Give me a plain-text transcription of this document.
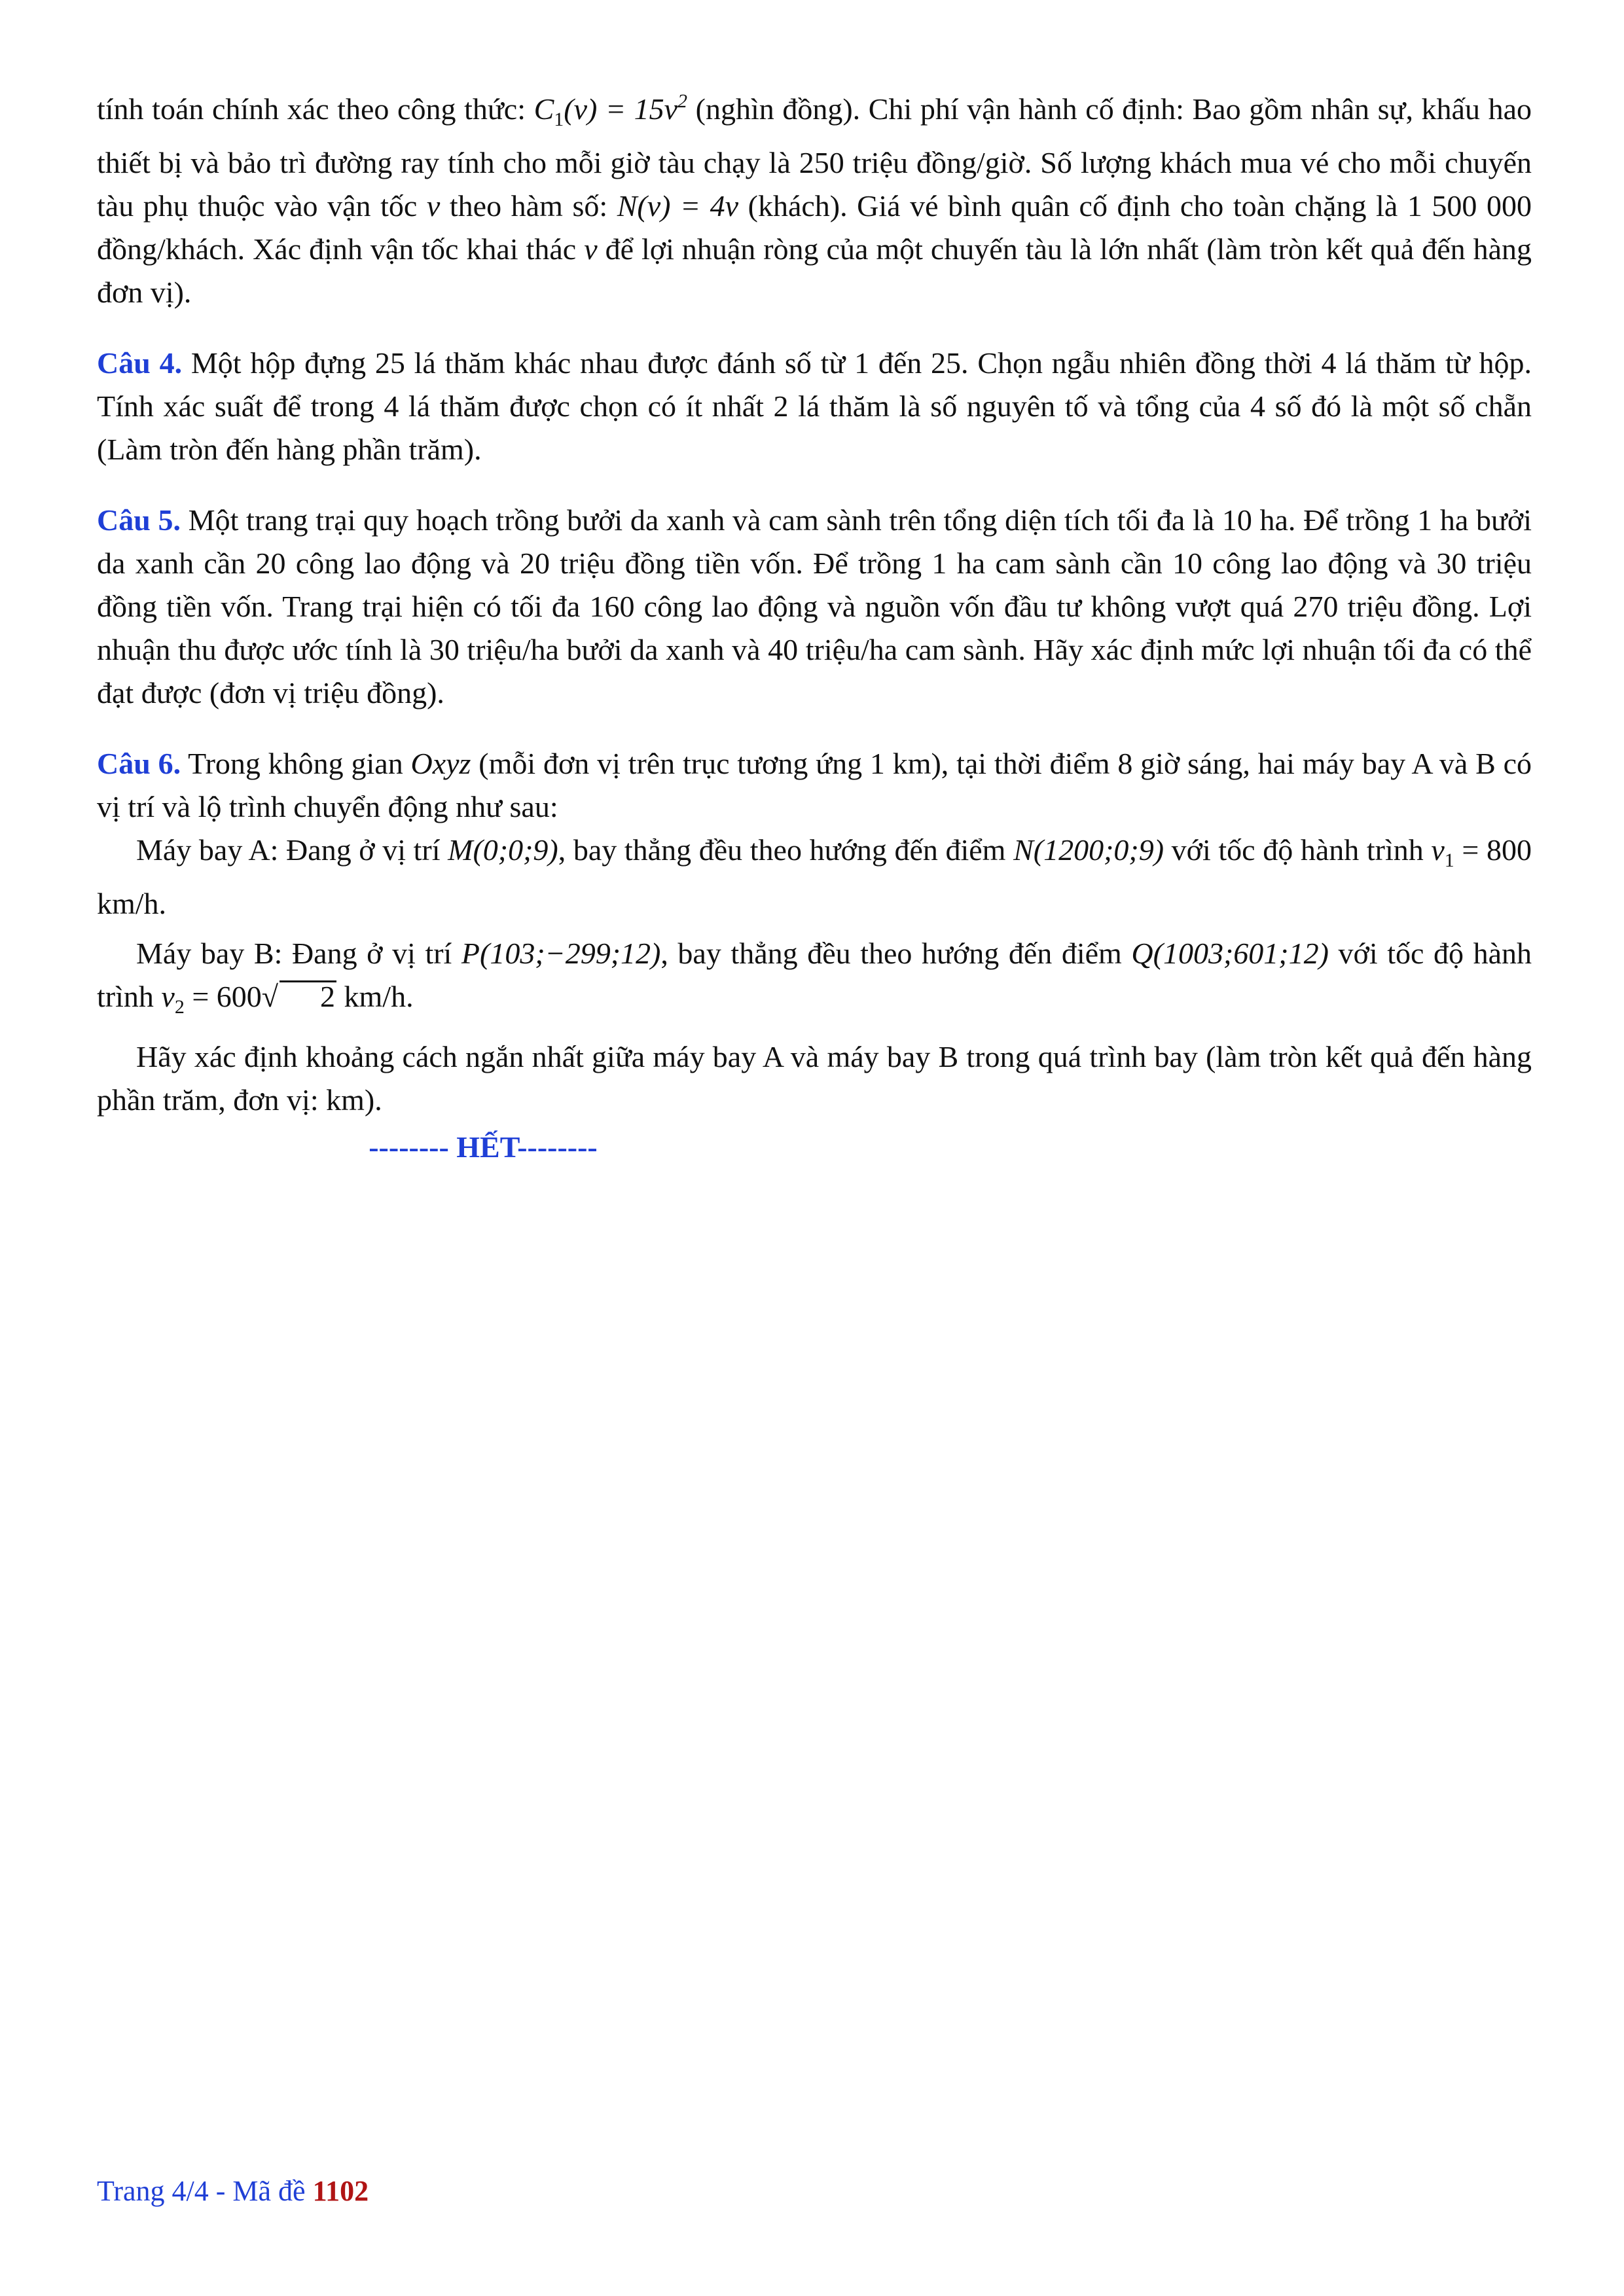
tính toán chính xác theo công thức: $C_1(v) = 15v^2$ (nghìn đồng). Chi phí vận hành cố định: Bao gồm nhân sự, khấu hao thiết bị và bảo trì đường ray tính cho mỗi giờ tàu chạy là 250 triệu đồng/giờ. Số lượng khách mua vé cho mỗi chuyến tàu phụ thuộc vào vận tốc v theo hàm số: N(v) = 4v (khách). Giá vé bình quân cố định cho toàn chặng là 1 500 000 đồng/khách. Xác định vận tốc khai thác v để lợi nhuận ròng của một chuyến tàu là lớn nhất (làm tròn kết quả đến hàng đơn vị).

Câu 4. Một hộp đựng 25 lá thăm khác nhau được đánh số từ 1 đến 25. Chọn ngẫu nhiên đồng thời 4 lá thăm từ hộp. Tính xác suất để trong 4 lá thăm được chọn có ít nhất 2 lá thăm là số nguyên tố và tổng của 4 số đó là một số chẵn (Làm tròn đến hàng phần trăm).

Câu 5. Một trang trại quy hoạch trồng bưởi da xanh và cam sành trên tổng diện tích tối đa là 10 ha. Để trồng 1 ha bưởi da xanh cần 20 công lao động và 20 triệu đồng tiền vốn. Để trồng 1 ha cam sành cần 10 công lao động và 30 triệu đồng tiền vốn. Trang trại hiện có tối đa 160 công lao động và nguồn vốn đầu tư không vượt quá 270 triệu đồng. Lợi nhuận thu được ước tính là 30 triệu/ha bưởi da xanh và 40 triệu/ha cam sành. Hãy xác định mức lợi nhuận tối đa có thể đạt được (đơn vị triệu đồng).

Câu 6. Trong không gian Oxyz (mỗi đơn vị trên trục tương ứng 1 km), tại thời điểm 8 giờ sáng, hai máy bay A và B có vị trí và lộ trình chuyển động như sau:

Máy bay A: Đang ở vị trí M(0;0;9), bay thẳng đều theo hướng đến điểm N(1200;0;9) với tốc độ hành trình $v_1 = 800$ km/h.

Máy bay B: Đang ở vị trí P(103;−299;12), bay thẳng đều theo hướng đến điểm Q(1003;601;12) với tốc độ hành trình $v_2 = 600√$ 2 km/h.

Hãy xác định khoảng cách ngắn nhất giữa máy bay A và máy bay B trong quá trình bay (làm tròn kết quả đến hàng phần trăm, đơn vị: km).

-------- HẾT--------
Trang 4/4 - Mã đề 1102
